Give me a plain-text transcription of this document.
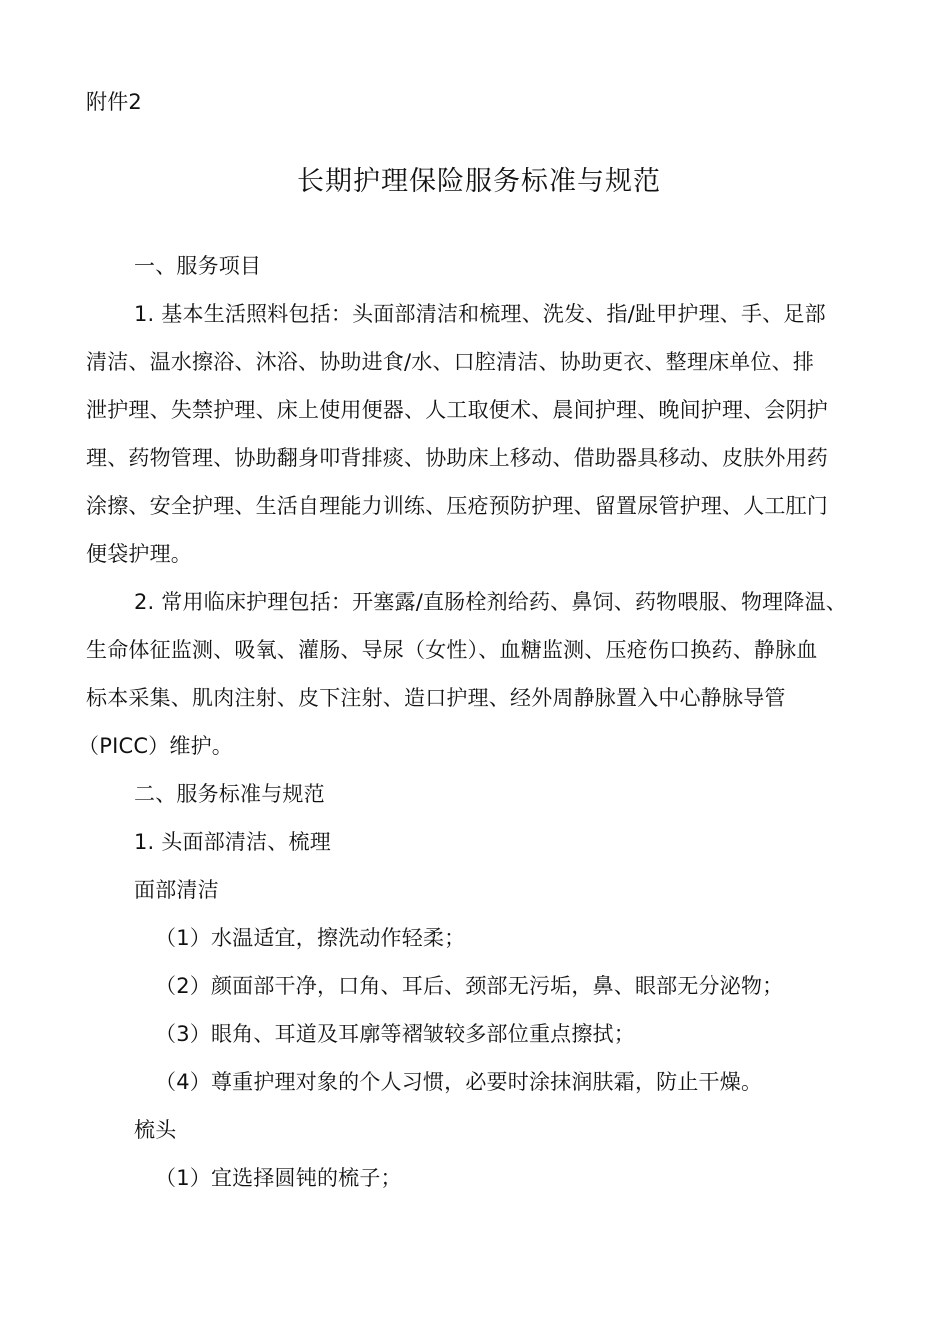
附件2
长期护理保险服务标准与规范
一、服务项目
1. 基本生活照料包括：头面部清洁和梳理、洗发、指/趾甲护理、手、足部
清洁、温水擦浴、沐浴、协助进食/水、口腔清洁、协助更衣、整理床单位、排
泄护理、失禁护理、床上使用便器、人工取便术、晨间护理、晚间护理、会阴护
理、药物管理、协助翻身叩背排痰、协助床上移动、借助器具移动、皮肤外用药
涂擦、安全护理、生活自理能力训练、压疮预防护理、留置尿管护理、人工肛门
便袋护理。
2. 常用临床护理包括：开塞露/直肠栓剂给药、鼻饲、药物喂服、物理降温、
生命体征监测、吸氧、灌肠、导尿（女性）、血糖监测、压疮伤口换药、静脉血
标本采集、肌肉注射、皮下注射、造口护理、经外周静脉置入中心静脉导管
（PICC）维护。
二、服务标准与规范
1. 头面部清洁、梳理
面部清洁
（1）水温适宜，擦洗动作轻柔；
（2）颜面部干净，口角、耳后、颈部无污垢，鼻、眼部无分泌物；
（3）眼角、耳道及耳廓等褶皱较多部位重点擦拭；
（4）尊重护理对象的个人习惯，必要时涂抹润肤霜，防止干燥。
梳头
（1）宜选择圆钝的梳子；
